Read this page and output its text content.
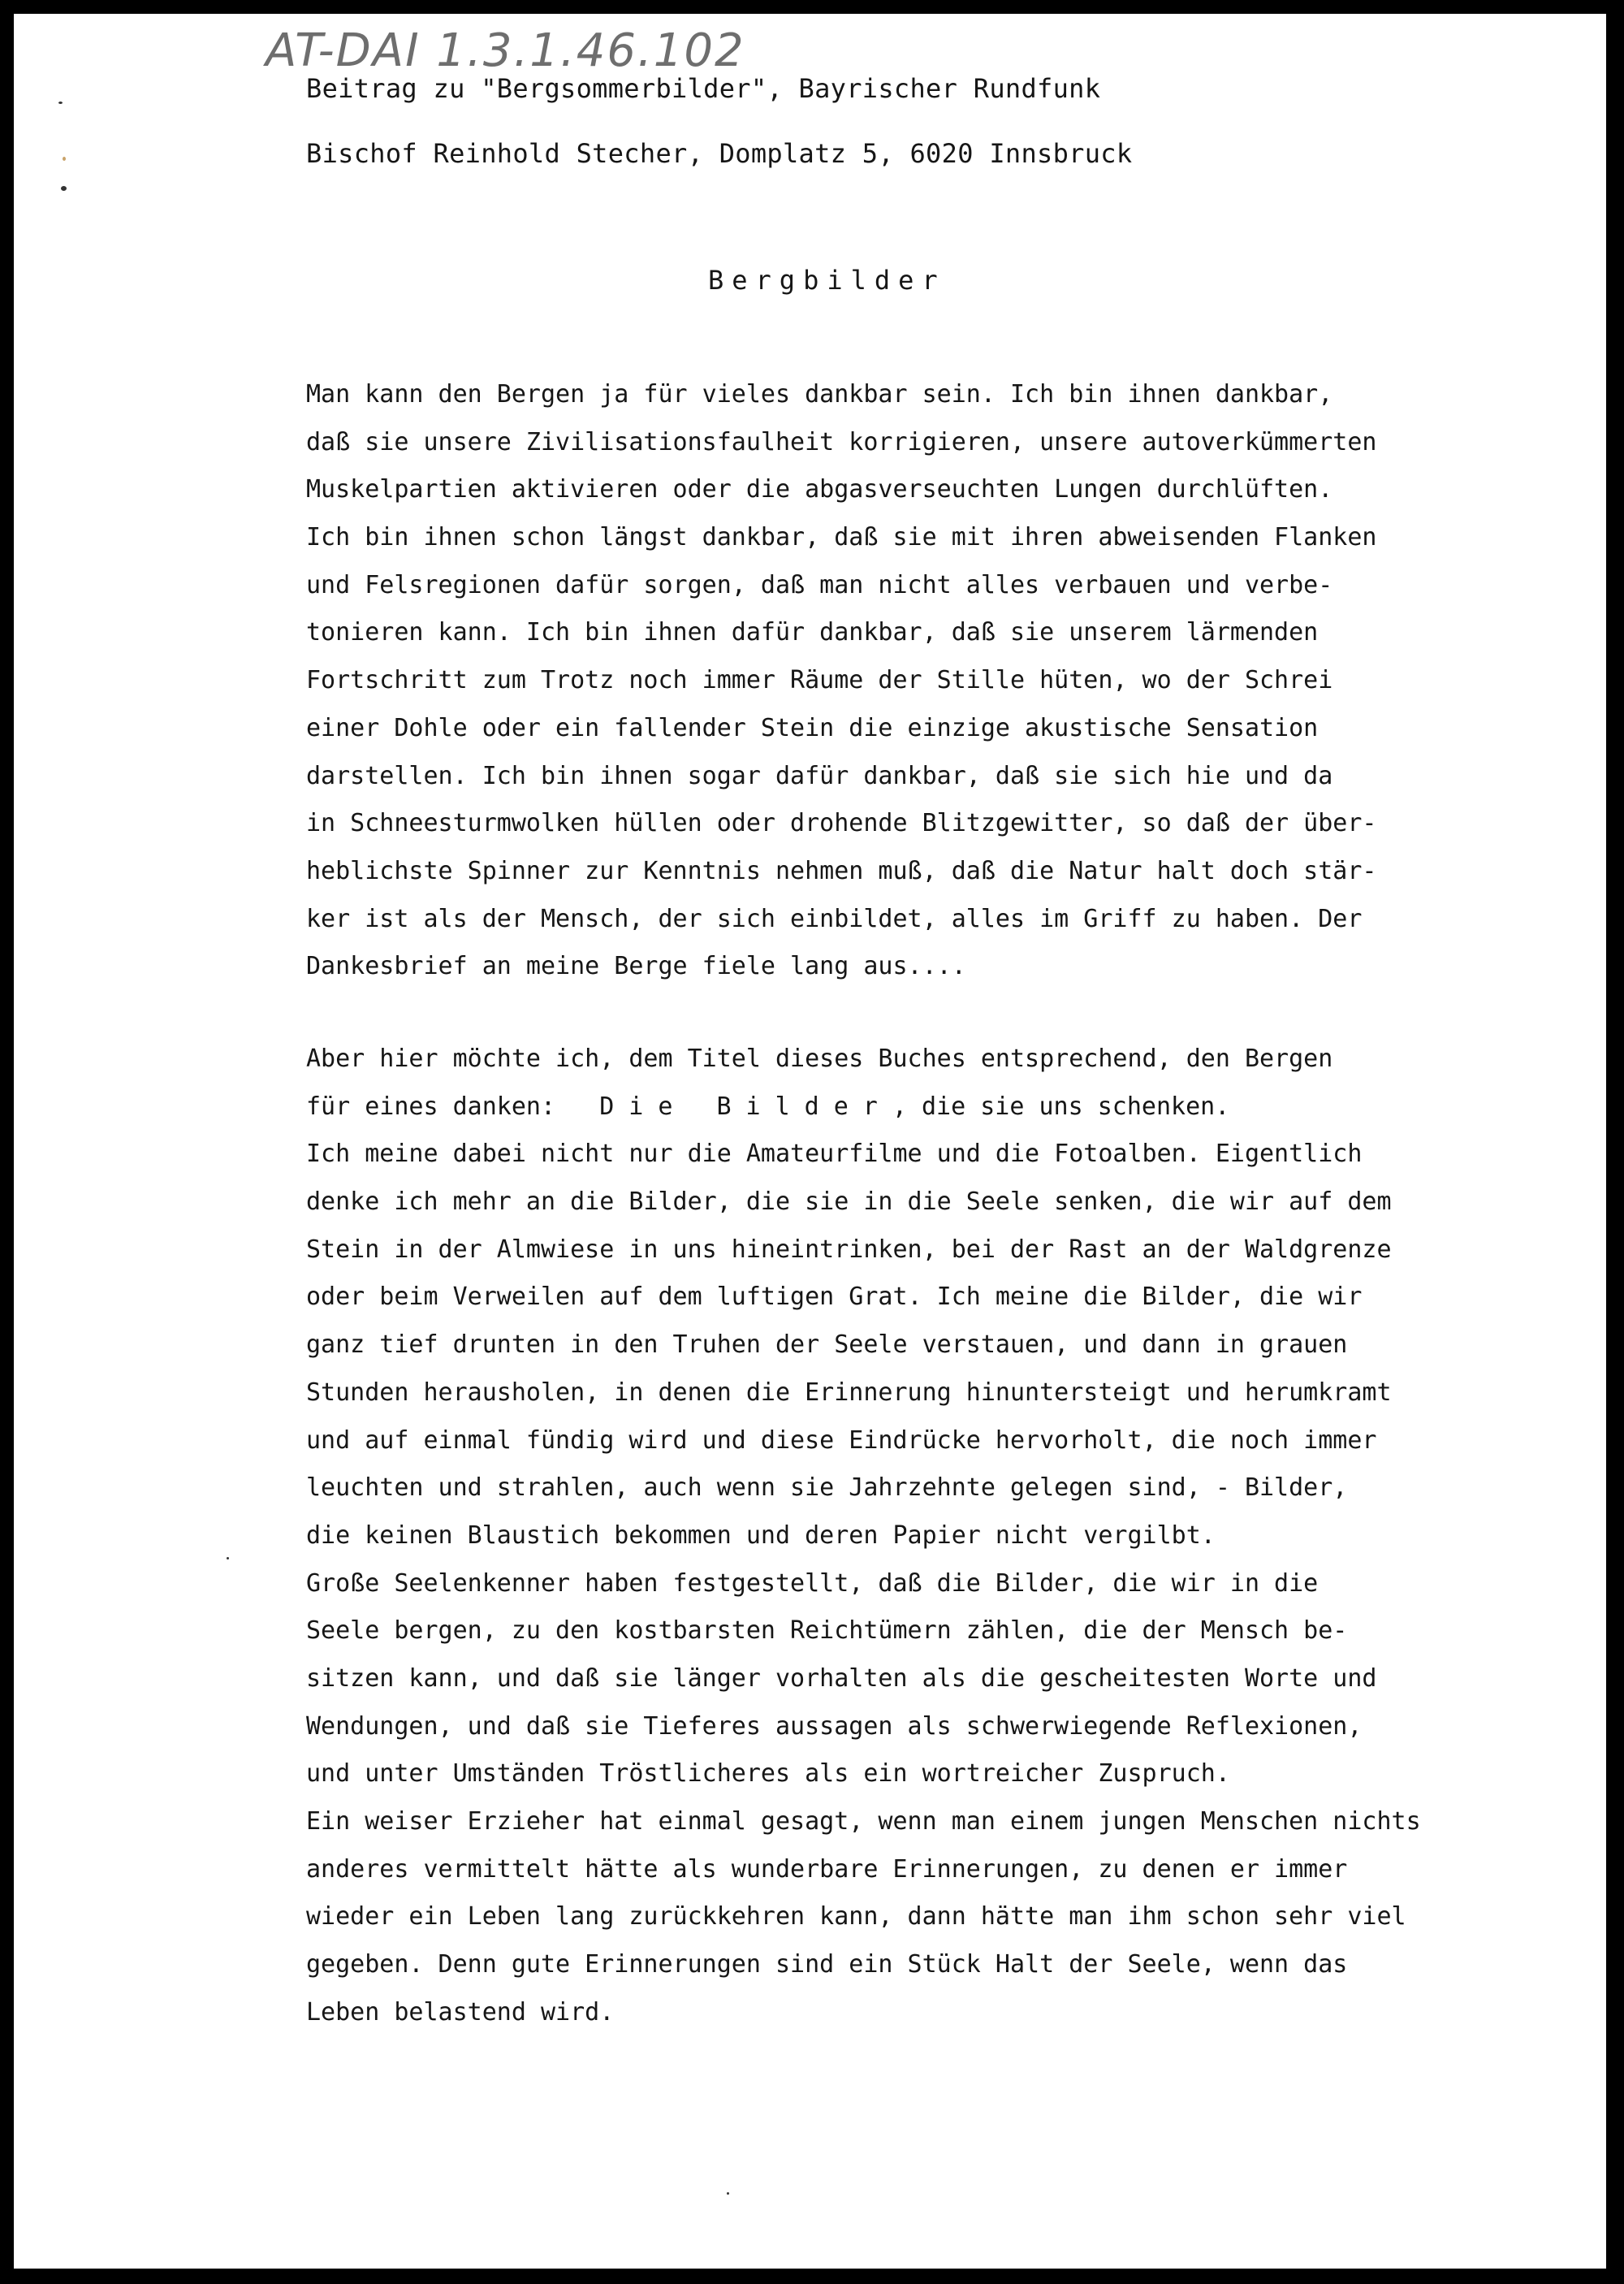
AT-DAI 1.3.1.46.102
Beitrag zu "Bergsommerbilder", Bayrischer Rundfunk
Bischof Reinhold Stecher, Domplatz 5, 6020 Innsbruck
Bergbilder
Man kann den Bergen ja für vieles dankbar sein. Ich bin ihnen dankbar,
daß sie unsere Zivilisationsfaulheit korrigieren, unsere autoverkümmerten
Muskelpartien aktivieren oder die abgasverseuchten Lungen durchlüften.
Ich bin ihnen schon längst dankbar, daß sie mit ihren abweisenden Flanken
und Felsregionen dafür sorgen, daß man nicht alles verbauen und verbe-
tonieren kann. Ich bin ihnen dafür dankbar, daß sie unserem lärmenden
Fortschritt zum Trotz noch immer Räume der Stille hüten, wo der Schrei
einer Dohle oder ein fallender Stein die einzige akustische Sensation
darstellen. Ich bin ihnen sogar dafür dankbar, daß sie sich hie und da
in Schneesturmwolken hüllen oder drohende Blitzgewitter, so daß der über-
heblichste Spinner zur Kenntnis nehmen muß, daß die Natur halt doch stär-
ker ist als der Mensch, der sich einbildet, alles im Griff zu haben. Der
Dankesbrief an meine Berge fiele lang aus....
Aber hier möchte ich, dem Titel dieses Buches entsprechend, den Bergen
für eines danken: Die Bilder, die sie uns schenken.
Ich meine dabei nicht nur die Amateurfilme und die Fotoalben. Eigentlich
denke ich mehr an die Bilder, die sie in die Seele senken, die wir auf dem
Stein in der Almwiese in uns hineintrinken, bei der Rast an der Waldgrenze
oder beim Verweilen auf dem luftigen Grat. Ich meine die Bilder, die wir
ganz tief drunten in den Truhen der Seele verstauen, und dann in grauen
Stunden herausholen, in denen die Erinnerung hinuntersteigt und herumkramt
und auf einmal fündig wird und diese Eindrücke hervorholt, die noch immer
leuchten und strahlen, auch wenn sie Jahrzehnte gelegen sind, - Bilder,
die keinen Blaustich bekommen und deren Papier nicht vergilbt.
Große Seelenkenner haben festgestellt, daß die Bilder, die wir in die
Seele bergen, zu den kostbarsten Reichtümern zählen, die der Mensch be-
sitzen kann, und daß sie länger vorhalten als die gescheitesten Worte und
Wendungen, und daß sie Tieferes aussagen als schwerwiegende Reflexionen,
und unter Umständen Tröstlicheres als ein wortreicher Zuspruch.
Ein weiser Erzieher hat einmal gesagt, wenn man einem jungen Menschen nichts
anderes vermittelt hätte als wunderbare Erinnerungen, zu denen er immer
wieder ein Leben lang zurückkehren kann, dann hätte man ihm schon sehr viel
gegeben. Denn gute Erinnerungen sind ein Stück Halt der Seele, wenn das
Leben belastend wird.
